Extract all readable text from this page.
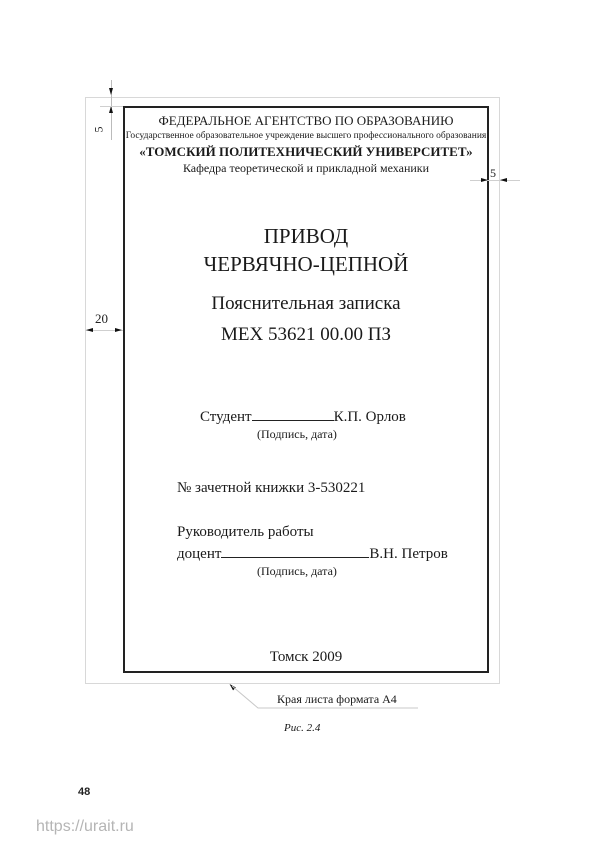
5
5
20
ФЕДЕРАЛЬНОЕ АГЕНТСТВО ПО ОБРАЗОВАНИЮ
Государственное образовательное учреждение высшего профессионального образования
«ТОМСКИЙ ПОЛИТЕХНИЧЕСКИЙ УНИВЕРСИТЕТ»
Кафедра теоретической и прикладной механики
ПРИВОД
ЧЕРВЯЧНО-ЦЕПНОЙ
Пояснительная записка
МЕХ 53621 00.00 ПЗ
Студент	К.П. Орлов
(Подпись, дата)
№ зачетной книжки 3-530221
Руководитель работы
доцент	В.Н. Петров
(Подпись, дата)
Томск 2009
Края листа формата А4
Рис. 2.4
48
https://urait.ru
